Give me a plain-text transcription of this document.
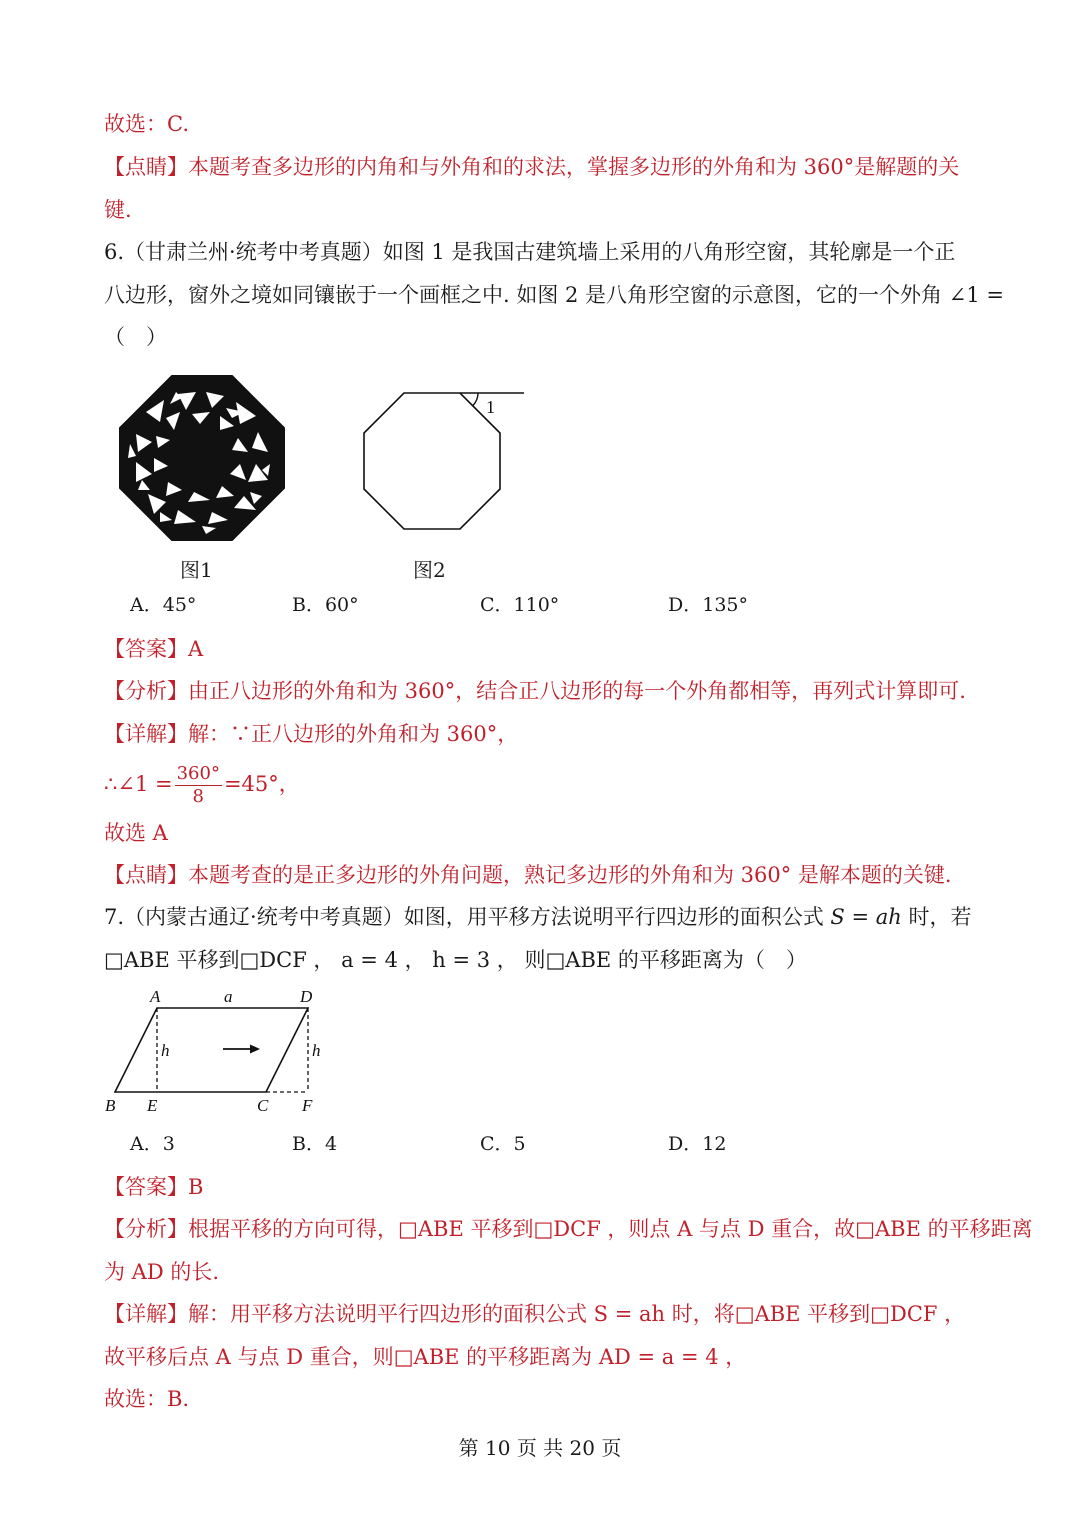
故选：C.
【点睛】本题考查多边形的内角和与外角和的求法，掌握多边形的外角和为 360°是解题的关
键.
6.（甘肃兰州·统考中考真题）如图 1 是我国古建筑墙上采用的八角形空窗，其轮廓是一个正
八边形，窗外之境如同镶嵌于一个画框之中. 如图 2 是八角形空窗的示意图，它的一个外角 ∠1 =
（　）
1
图1	图2
A．45°	B．60°	C．110°	D．135°
【答案】A
【分析】由正八边形的外角和为 360°，结合正八边形的每一个外角都相等，再列式计算即可.
【详解】解：∵正八边形的外角和为 360°，
∴∠1 = $\frac{360^\circ}{8} =45^\circ$，
故选 A
【点睛】本题考查的是正多边形的外角问题，熟记多边形的外角和为 360° 是解本题的关键.
7.（内蒙古通辽·统考中考真题）如图，用平移方法说明平行四边形的面积公式 S = ah 时，若
□ABE 平移到□DCF ， a = 4 ， h = 3 ， 则□ABE 的平移距离为（　）
A	a	D
h	h
B E	C F
A．3	B．4	C．5	D．12
【答案】B
【分析】根据平移的方向可得，□ABE 平移到□DCF ，则点 A 与点 D 重合，故□ABE 的平移距离
为 AD 的长.
【详解】解：用平移方法说明平行四边形的面积公式 S = ah 时，将□ABE 平移到□DCF ，
故平移后点 A 与点 D 重合，则□ABE 的平移距离为 AD = a = 4 ，
故选：B.
第 10 页 共 20 页
